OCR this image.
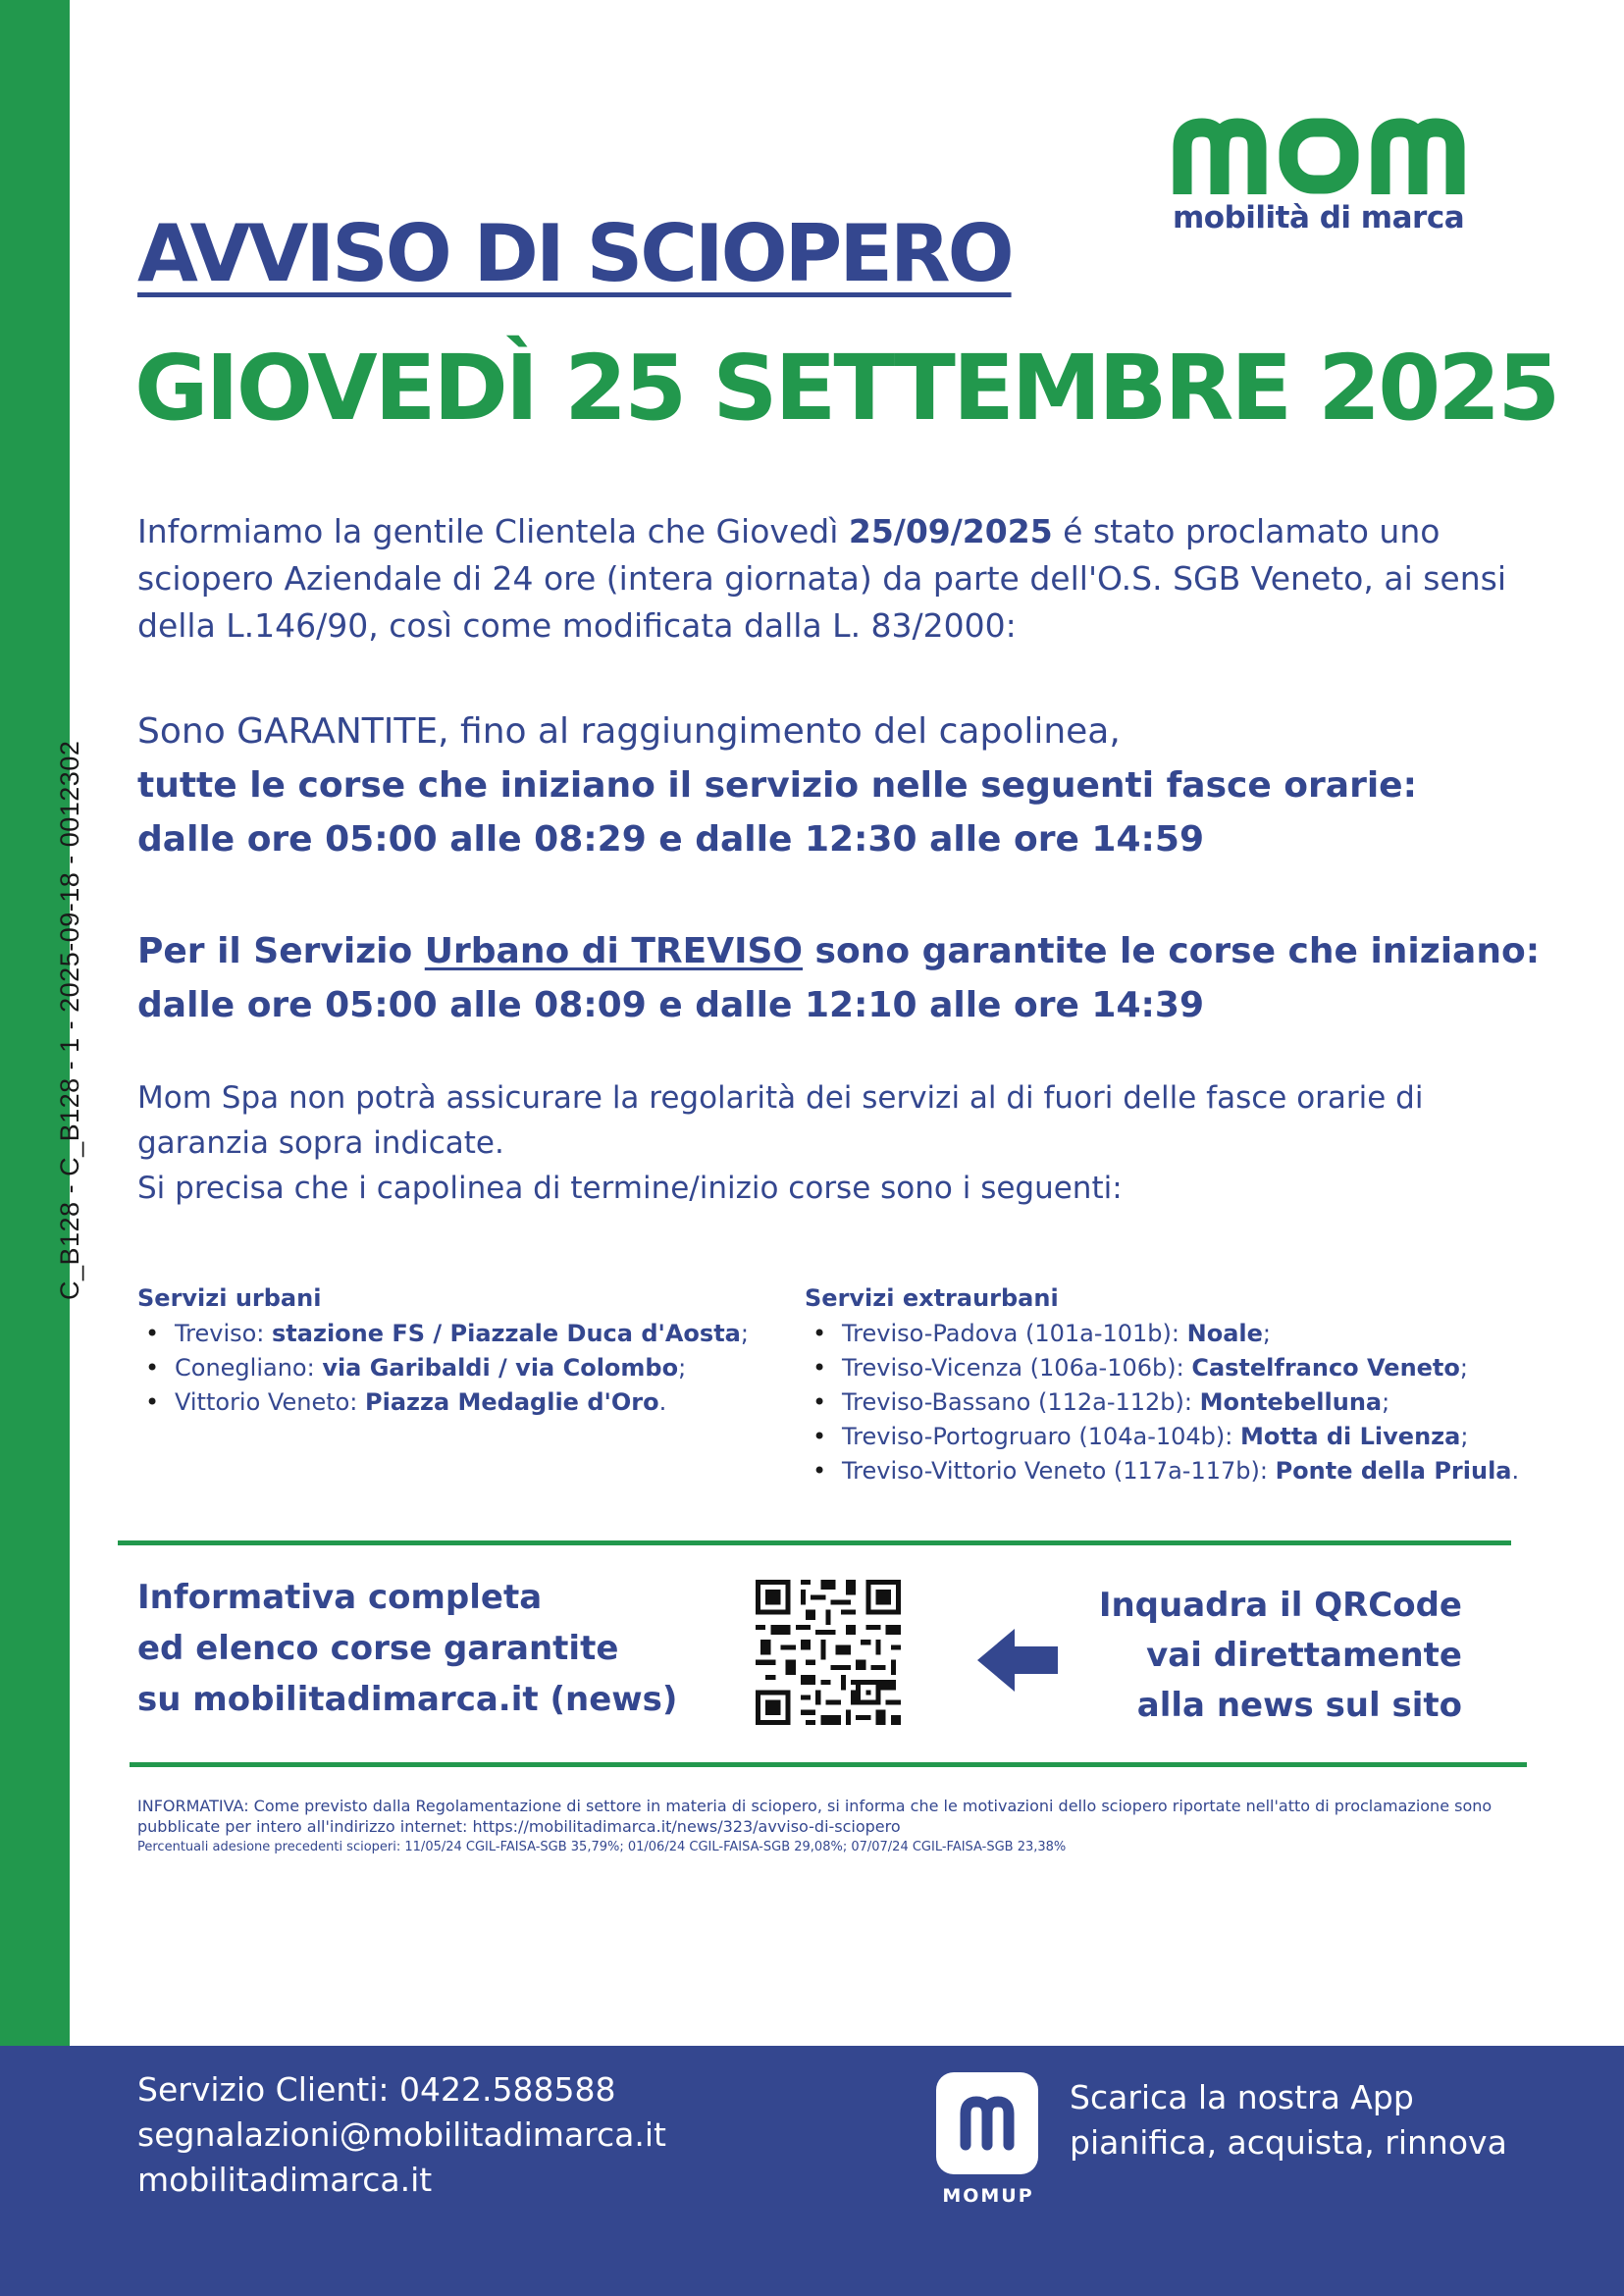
C_B128 - C_B128 - 1 - 2025-09-18 - 0012302
mobilità di marca
AVVISO DI SCIOPERO
GIOVEDÌ 25 SETTEMBRE 2025

Informiamo la gentile Clientela che Giovedì 25/09/2025 é stato proclamato uno sciopero Aziendale di 24 ore (intera giornata) da parte dell'O.S. SGB Veneto, ai sensi della L.146/90, così come modificata dalla L. 83/2000:

Sono GARANTITE, fino al raggiungimento del capolinea,
tutte le corse che iniziano il servizio nelle seguenti fasce orarie:
dalle ore 05:00 alle 08:29 e dalle 12:30 alle ore 14:59
Per il Servizio Urbano di TREVISO sono garantite le corse che iniziano:
dalle ore 05:00 alle 08:09 e dalle 12:10 alle ore 14:39
Mom Spa non potrà assicurare la regolarità dei servizi al di fuori delle fasce orarie di garanzia sopra indicate.
Si precisa che i capolinea di termine/inizio corse sono i seguenti:
Servizi urbani
• Treviso: stazione FS / Piazzale Duca d'Aosta;
• Conegliano: via Garibaldi / via Colombo;
• Vittorio Veneto: Piazza Medaglie d'Oro.
Servizi extraurbani
• Treviso-Padova (101a-101b): Noale;
• Treviso-Vicenza (106a-106b): Castelfranco Veneto;
• Treviso-Bassano (112a-112b): Montebelluna;
• Treviso-Portogruaro (104a-104b): Motta di Livenza;
• Treviso-Vittorio Veneto (117a-117b): Ponte della Priula.
Informativa completa
ed elenco corse garantite
su mobilitadimarca.it (news)
Inquadra il QRCode
vai direttamente
alla news sul sito
INFORMATIVA: Come previsto dalla Regolamentazione di settore in materia di sciopero, si informa che le motivazioni dello sciopero riportate nell'atto di proclamazione sono pubblicate per intero all'indirizzo internet: https://mobilitadimarca.it/news/323/avviso-di-sciopero
Percentuali adesione precedenti scioperi: 11/05/24 CGIL-FAISA-SGB 35,79%; 01/06/24 CGIL-FAISA-SGB 29,08%; 07/07/24 CGIL-FAISA-SGB 23,38%
Servizio Clienti: 0422.588588
segnalazioni@mobilitadimarca.it
mobilitadimarca.it	MOMUP
Scarica la nostra App
pianifica, acquista, rinnova
